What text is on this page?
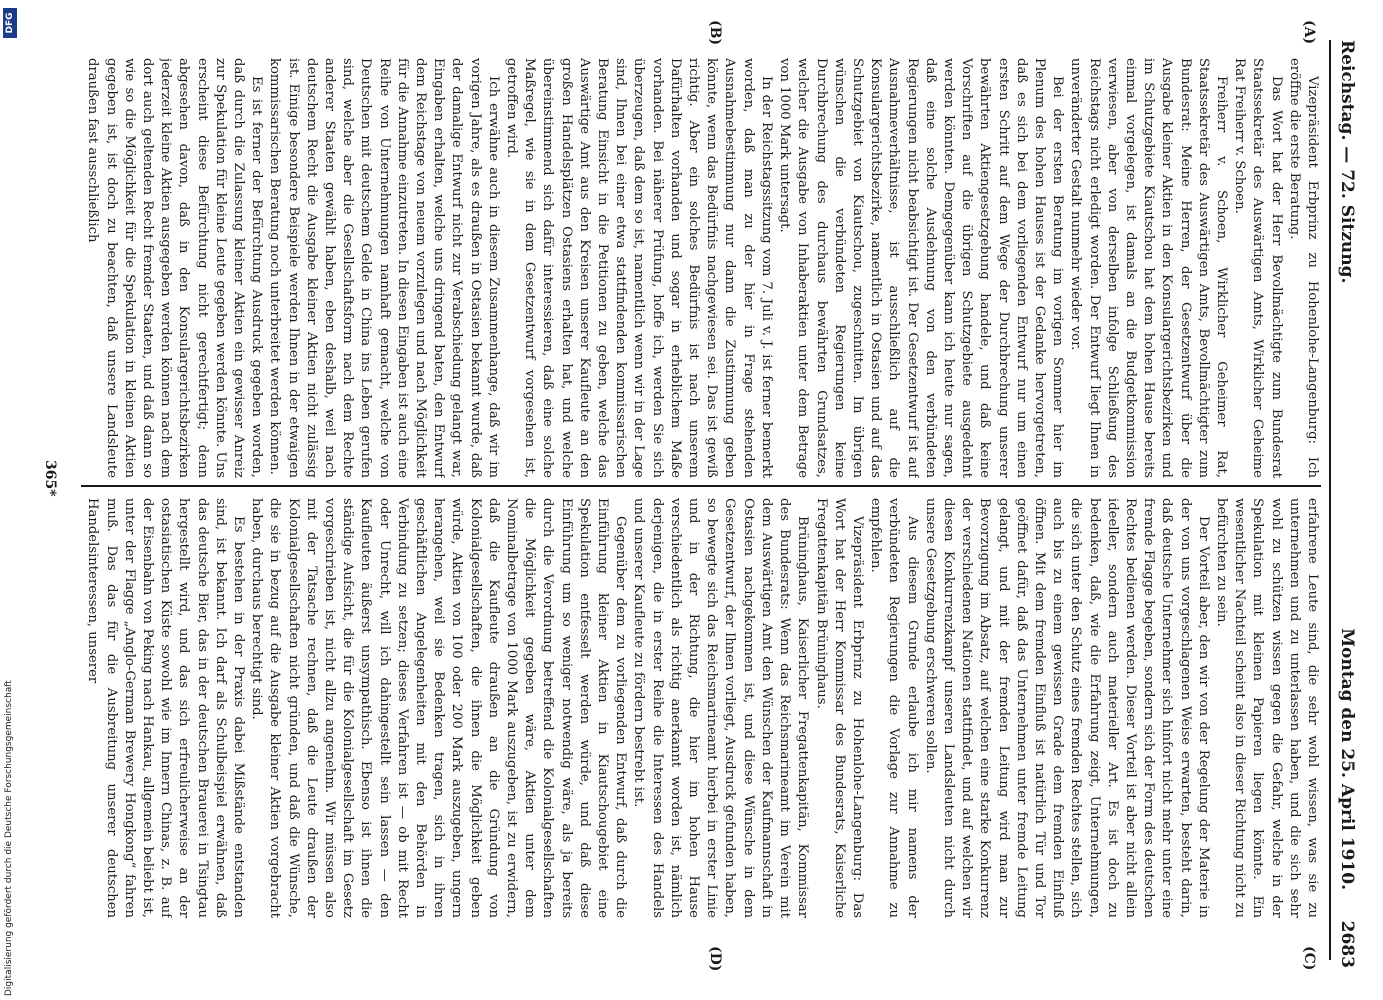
Reichstag. — 72. Sitzung.
Montag den 25. April 1910.
2683
(A)
(B)
(C)
(D)

Vizepräsident Erbprinz zu Hohenlohe-Langenburg: Ich eröffne die erste Beratung.

Das Wort hat der Herr Bevollmächtigte zum Bundesrat Staatssekretär des Auswärtigen Amts, Wirklicher Geheime Rat Freiherr v. Schoen.

Freiherr v. Schoen, Wirklicher Geheimer Rat, Staatssekretär des Auswärtigen Amts, Bevollmächtigter zum Bundesrat: Meine Herren, der Gesetzentwurf über die Ausgabe kleiner Aktien in den Konsulargerichtsbezirken und im Schutzgebiete Kiautschou hat dem hohen Hause bereits einmal vorgelegen, ist damals an die Budgetkommission verwiesen, aber von derselben infolge Schließung des Reichstags nicht erledigt worden. Der Entwurf liegt Ihnen in unveränderter Gestalt nunmehr wieder vor.

Bei der ersten Beratung im vorigen Sommer hier im Plenum des hohen Hauses ist der Gedanke hervorgetreten, daß es sich bei dem vorliegenden Entwurf nur um einen ersten Schritt auf dem Wege der Durchbrechung unserer bewährten Aktiengesetzgebung handele, und daß keine Vorschriften auf die übrigen Schutzgebiete ausgedehnt werden könnten. Demgegenüber kann ich heute nur sagen, daß eine solche Ausdehnung von den verbündeten Regierungen nicht beabsichtigt ist. Der Gesetzentwurf ist auf Ausnahmeverhältnisse, ist ausschließlich auf die Konsulargerichtsbezirke, namentlich in Ostasien und auf das Schutzgebiet von Kiautschou, zugeschnitten. Im übrigen wünschen die verbündeten Regierungen keine Durchbrechung des durchaus bewährten Grundsatzes, welcher die Ausgabe von Inhaberaktien unter dem Betrage von 1000 Mark untersagt.

In der Reichstagssitzung vom 7. Juli v. J. ist ferner bemerkt worden, daß man zu der hier in Frage stehenden Ausnahmebestimmung nur dann die Zustimmung geben könnte, wenn das Bedürfnis nachgewiesen sei. Das ist gewiß richtig. Aber ein solches Bedürfnis ist nach unserem Dafürhalten vorhanden und sogar in erheblichem Maße vorhanden. Bei näherer Prüfung, hoffe ich, werden Sie sich überzeugen, daß dem so ist, namentlich wenn wir in der Lage sind, Ihnen bei einer etwa stattfindenden kommissarischen Beratung Einsicht in die Petitionen zu geben, welche das Auswärtige Amt aus den Kreisen unserer Kaufleute an den großen Handelsplätzen Ostasiens erhalten hat, und welche übereinstimmend sich dafür interessieren, daß eine solche Maßregel, wie sie in dem Gesetzentwurf vorgesehen ist, getroffen wird.

Ich erwähne auch in diesem Zusammenhange, daß wir im vorigen Jahre, als es draußen in Ostasien bekannt wurde, daß der damalige Entwurf nicht zur Verabschiedung gelangt war, Eingaben erhalten, welche uns dringend baten, den Entwurf dem Reichstage von neuem vorzulegen und nach Möglichkeit für die Annahme einzutreten. In diesen Eingaben ist auch eine Reihe von Unternehmungen namhaft gemacht, welche von Deutschen mit deutschem Gelde in China ins Leben gerufen sind, welche aber die Gesellschaftsform nach dem Rechte anderer Staaten gewählt haben, eben deshalb, weil nach deutschem Recht die Ausgabe kleiner Aktien nicht zulässig ist. Einige besondere Beispiele werden Ihnen in der etwaigen kommissarischen Beratung noch unterbreitet werden können.

Es ist ferner der Befürchtung Ausdruck gegeben worden, daß durch die Zulassung kleiner Aktien ein gewisser Anreiz zur Spekulation für kleine Leute gegeben werden könnte. Uns erscheint diese Befürchtung nicht gerechtfertigt; denn abgesehen davon, daß in den Konsulargerichtsbezirken jederzeit kleine Aktien ausgegeben werden können nach dem dort auch geltenden Recht fremder Staaten, und daß dann so wie so die Möglichkeit für die Spekulation in kleinen Aktien gegeben ist, ist doch zu beachten, daß unsere Landsleute draußen fast ausschließlich

erfahrene Leute sind, die sehr wohl wissen, was sie zu unternehmen und zu unterlassen haben, und die sich sehr wohl zu schützen wissen gegen die Gefahr, welche in der Spekulation mit kleinen Papieren liegen könnte. Ein wesentlicher Nachteil scheint also in dieser Richtung nicht zu befürchten zu sein.

Der Vorteil aber, den wir von der Regelung der Materie in der von uns vorgeschlagenen Weise erwarten, besteht darin, daß deutsche Unternehmer sich hinfort nicht mehr unter eine fremde Flagge begeben, sondern sich der Form des deutschen Rechtes bedienen werden. Dieser Vorteil ist aber nicht allein ideeller, sondern auch materieller Art. Es ist doch zu bedenken, daß, wie die Erfahrung zeigt, Unternehmungen, die sich unter den Schutz eines fremden Rechtes stellen, sich auch bis zu einem gewissen Grade dem fremden Einfluß öffnen. Mit dem fremden Einfluß ist natürlich Tür und Tor geöffnet dafür, daß das Unternehmen unter fremde Leitung gelangt, und mit der fremden Leitung wird man zur Bevorzugung im Absatz, auf welchen eine starke Konkurrenz der verschiedenen Nationen stattfindet, und auf welchen wir diesen Konkurrenzkampf unseren Landsleuten nicht durch unsere Gesetzgebung erschweren sollen.

Aus diesem Grunde erlaube ich mir namens der verbündeten Regierungen die Vorlage zur Annahme zu empfehlen.

Vizepräsident Erbprinz zu Hohenlohe-Langenburg: Das Wort hat der Herr Kommissar des Bundesrats, Kaiserliche Fregattenkapitän Brüninghaus.

Brüninghaus, Kaiserlicher Fregattenkapitän, Kommissar des Bundesrats: Wenn das Reichsmarineamt im Verein mit dem Auswärtigen Amt den Wünschen der Kaufmannschaft in Ostasien nachgekommen ist, und diese Wünsche in dem Gesetzentwurf, der Ihnen vorliegt, Ausdruck gefunden haben, so bewegte sich das Reichsmarineamt hierbei in erster Linie und in der Richtung, die hier im hohen Hause verschiedentlich als richtig anerkannt worden ist, nämlich derjenigen, die in erster Reihe die Interessen des Handels und unserer Kaufleute zu fördern bestrebt ist.

Gegenüber dem zu vorliegenden Entwurf, daß durch die Einführung kleiner Aktien in Kiautschougebiet eine Spekulation entfesselt werden würde, und daß diese Einführung um so weniger notwendig wäre, als ja bereits durch die Verordnung betreffend die Kolonialgesellschaften die Möglichkeit gegeben wäre, Aktien unter dem Nominalbetrage von 1000 Mark auszugeben, ist zu erwidern, daß die Kaufleute draußen an die Gründung von Kolonialgesellschaften, die ihnen die Möglichkeit geben würde, Aktien von 100 oder 200 Mark auszugeben, ungern herangehen, weil sie Bedenken tragen, sich in ihren geschäftlichen Angelegenheiten mit den Behörden in Verbindung zu setzen; dieses Verfahren ist — ob mit Recht oder Unrecht, will ich dahingestellt sein lassen — den Kaufleuten äußerst unsympathisch. Ebenso ist ihnen die ständige Aufsicht, die für die Kolonialgesellschaft im Gesetz vorgeschrieben ist, nicht allzu angenehm. Wir müssen also mit der Tatsache rechnen, daß die Leute draußen der Kolonialgesellschaften nicht gründen, und daß die Wünsche, die sie in bezug auf die Ausgabe kleiner Aktien vorgebracht haben, durchaus berechtigt sind.

Es bestehen in der Praxis dabei Mißstände entstanden sind, ist bekannt. Ich darf als Schulbeispiel erwähnen, daß das deutsche Bier, das in der deutschen Brauerei in Tsingtau hergestellt wird, und das sich erfreulicherweise an der ostasiatischen Küste sowohl wie im Innern Chinas, z. B. auf der Eisenbahn von Peking nach Hankau, allgemein beliebt ist, unter der Flagge „Anglo-German Brewery Hongkong“ fahren muß. Das das für die Ausbreitung unserer deutschen Handelsinteressen, unserer

365*
Digitalisierung gefördert durch die Deutsche Forschungsgemeinschaft
DFG
